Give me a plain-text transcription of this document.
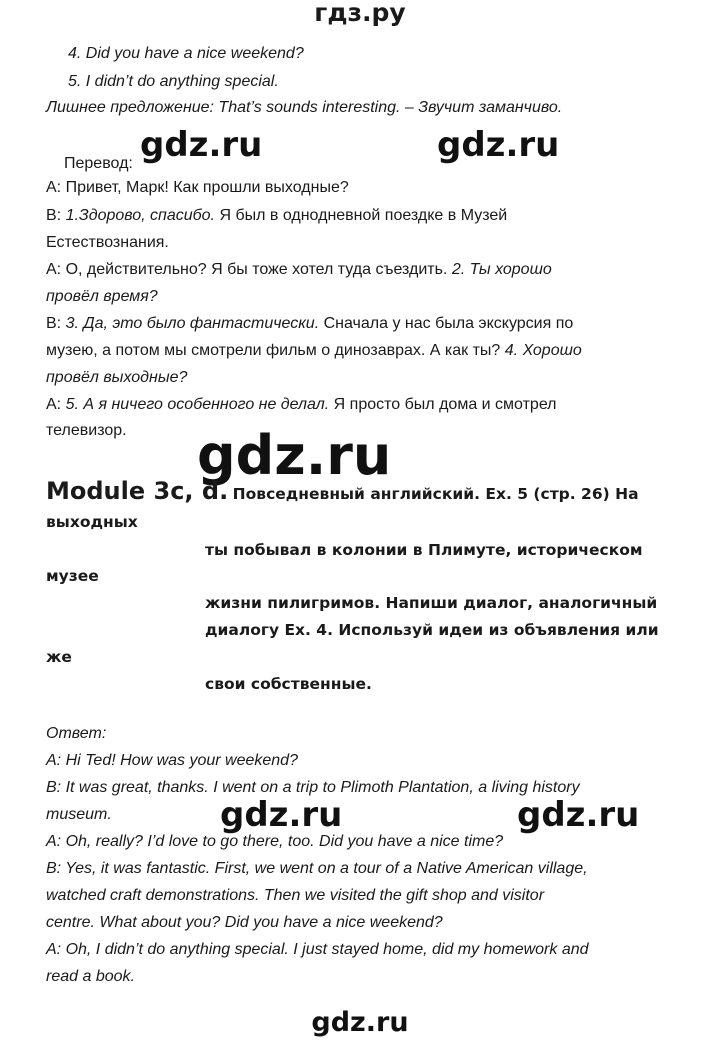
гдз.ру
4. Did you have a nice weekend?
5. I didn’t do anything special.
Лишнее предложение: That’s sounds interesting. – Звучит заманчиво.
gdz.ru	gdz.ru
Перевод:
A: Привет, Марк! Как прошли выходные?
B: 1.Здорово, спасибо. Я был в однодневной поездке в Музей
Естествознания.
A: О, действительно? Я бы тоже хотел туда съездить. 2. Ты хорошо
провёл время?
B: 3. Да, это было фантастически. Сначала у нас была экскурсия по
музею, а потом мы смотрели фильм о динозаврах. А как ты? 4. Хорошо
провёл выходные?
A: 5. А я ничего особенного не делал. Я просто был дома и смотрел
телевизор. gdz.ru
Module 3c, d. Повседневный английский. Ex. 5 (стр. 26) На
выходных
ты побывал в колонии в Плимуте, историческом
музее
жизни пилигримов. Напиши диалог, аналогичный
диалогу Ex. 4. Используй идеи из объявления или
же
свои собственные.
Ответ:
A: Hi Ted! How was your weekend?
B: It was great, thanks. I went on a trip to Plimoth Plantation, a living history
museum.	gdz.ru	gdz.ru
A: Oh, really? I’d love to go there, too. Did you have a nice time?
B: Yes, it was fantastic. First, we went on a tour of a Native American village,
watched craft demonstrations. Then we visited the gift shop and visitor
centre. What about you? Did you have a nice weekend?
A: Oh, I didn’t do anything special. I just stayed home, did my homework and
read a book.
gdz.ru
